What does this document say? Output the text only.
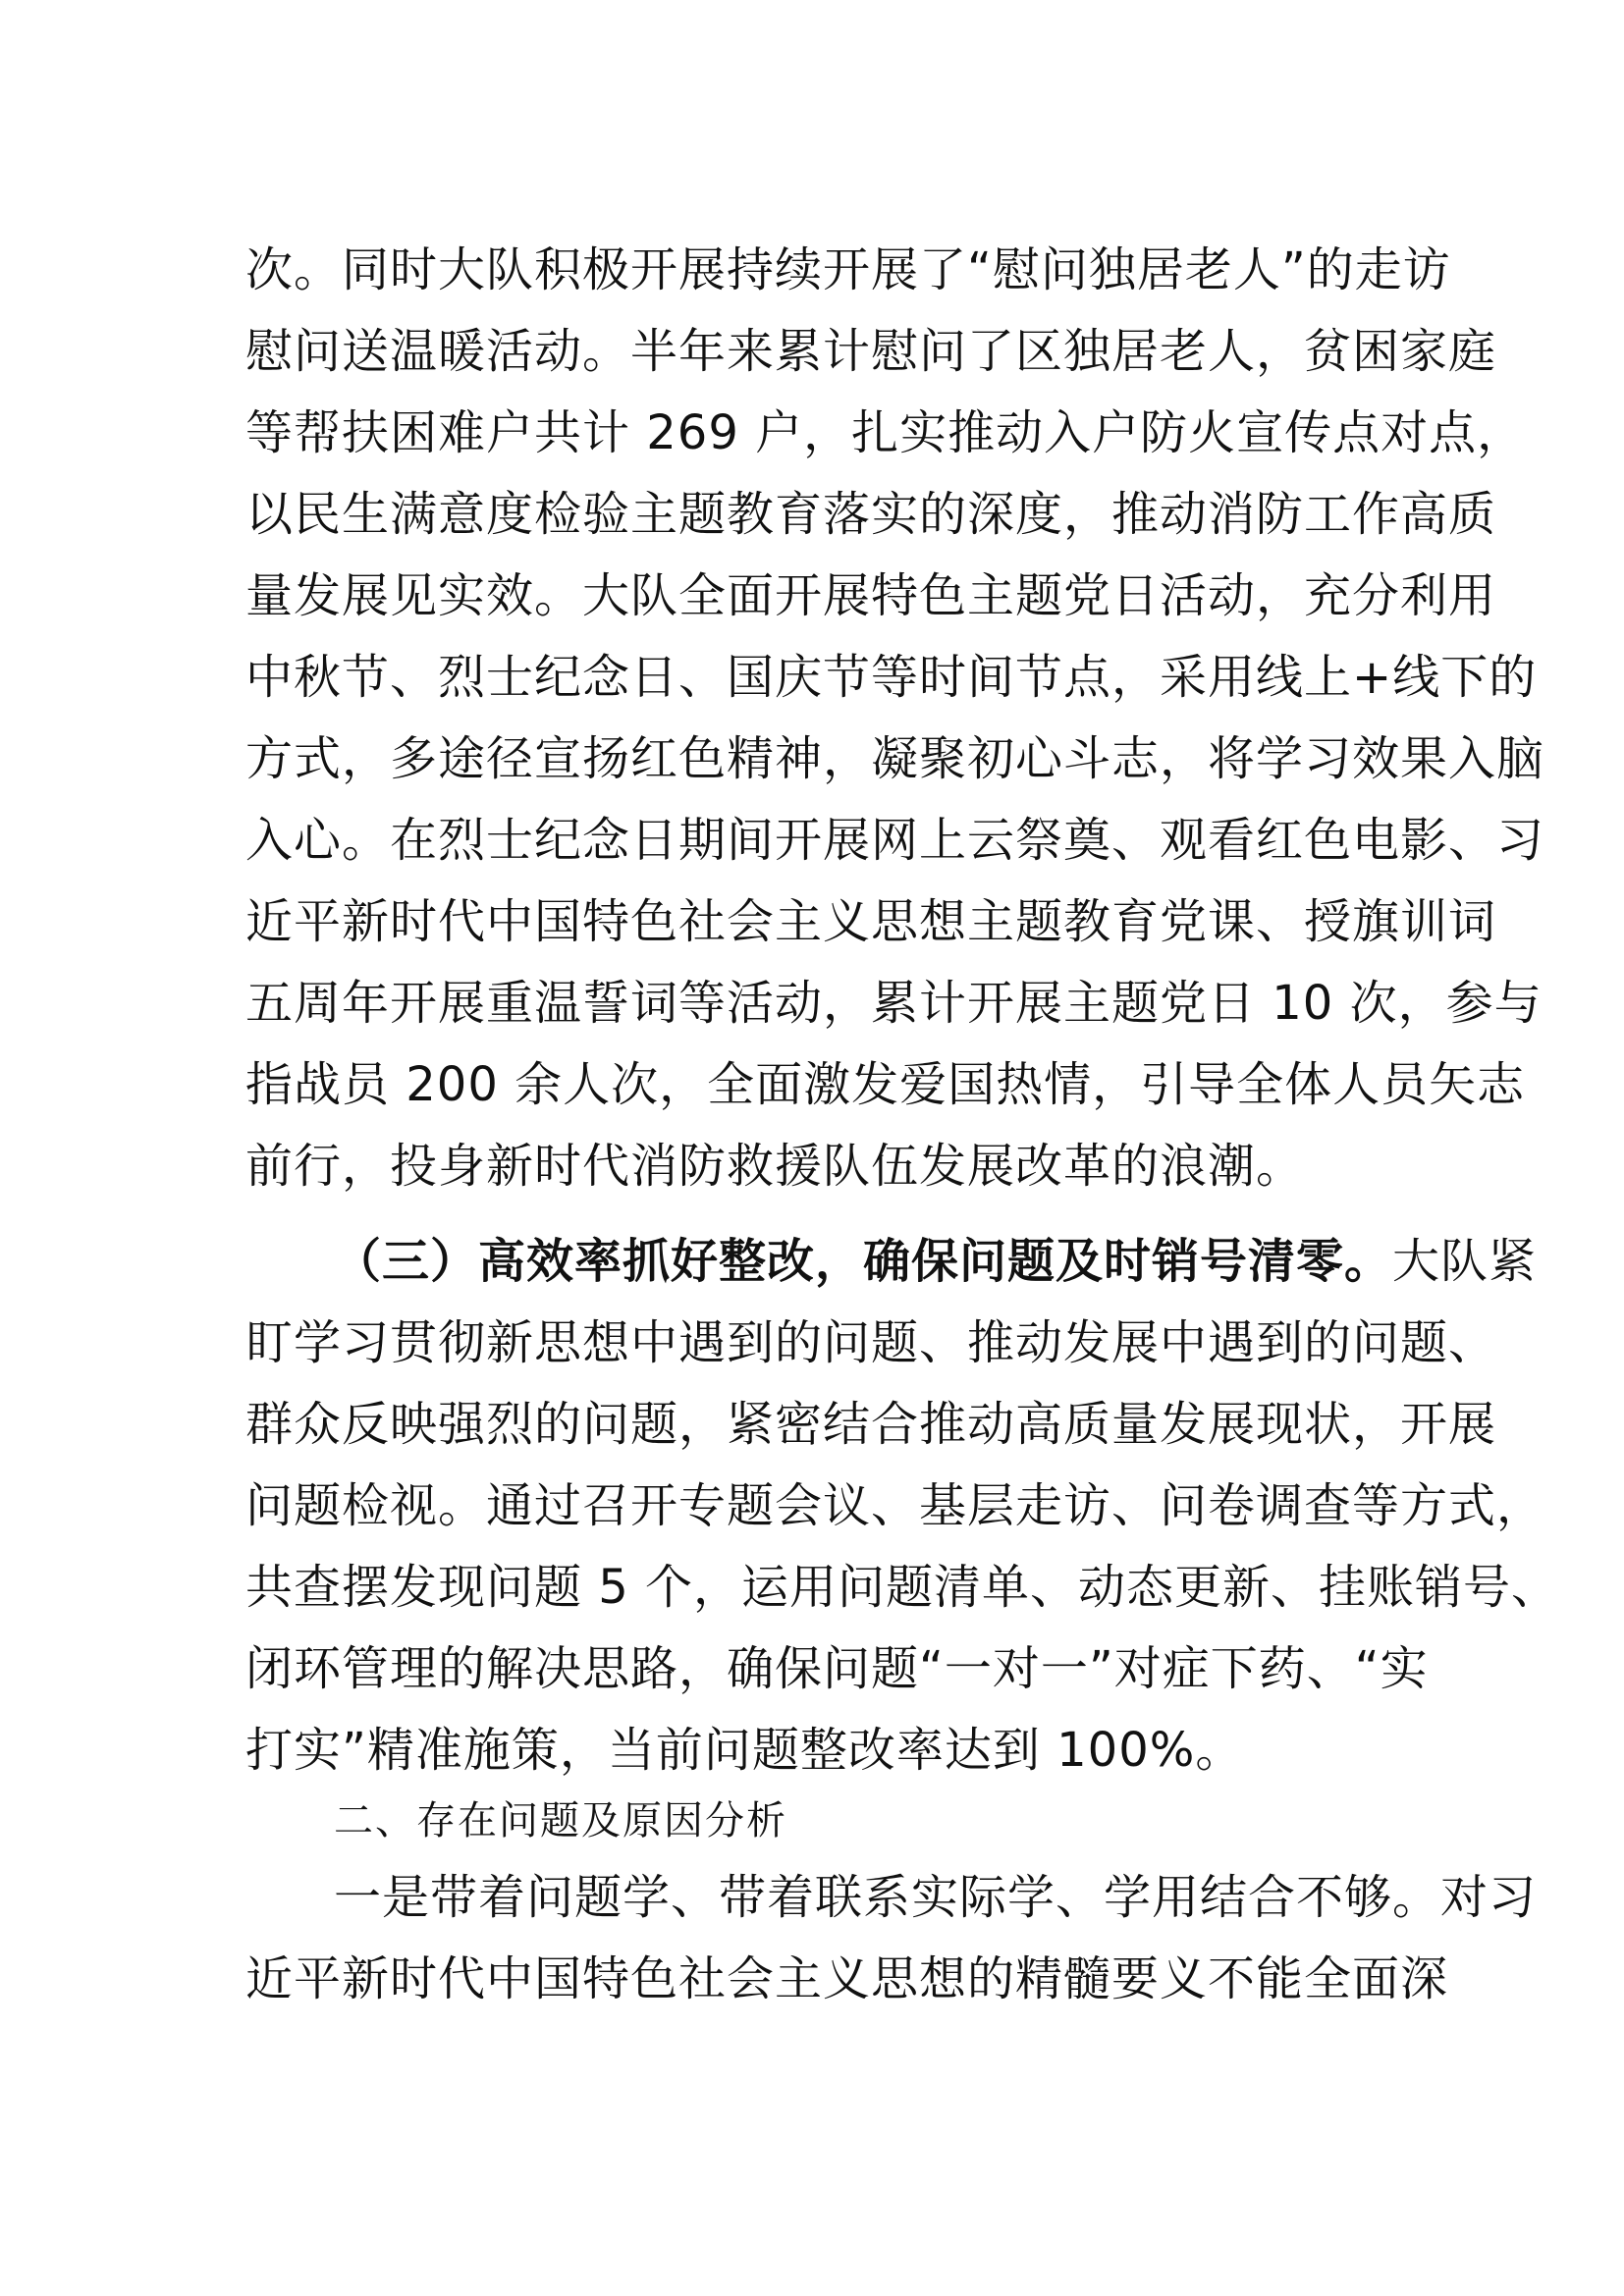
次。同时大队积极开展持续开展了“慰问独居老人”的走访
慰问送温暖活动。半年来累计慰问了区独居老人，贫困家庭
等帮扶困难户共计 269 户，扎实推动入户防火宣传点对点，
以民生满意度检验主题教育落实的深度，推动消防工作高质
量发展见实效。大队全面开展特色主题党日活动，充分利用
中秋节、烈士纪念日、国庆节等时间节点，采用线上+线下的
方式，多途径宣扬红色精神，凝聚初心斗志，将学习效果入脑
入心。在烈士纪念日期间开展网上云祭奠、观看红色电影、习
近平新时代中国特色社会主义思想主题教育党课、授旗训词
五周年开展重温誓词等活动，累计开展主题党日 10 次，参与
指战员 200 余人次，全面激发爱国热情，引导全体人员矢志
前行，投身新时代消防救援队伍发展改革的浪潮。
（三）高效率抓好整改，确保问题及时销号清零。大队紧
盯学习贯彻新思想中遇到的问题、推动发展中遇到的问题、
群众反映强烈的问题，紧密结合推动高质量发展现状，开展
问题检视。通过召开专题会议、基层走访、问卷调查等方式，
共查摆发现问题 5 个，运用问题清单、动态更新、挂账销号、
闭环管理的解决思路，确保问题“一对一”对症下药、“实
打实”精准施策，当前问题整改率达到 100%。
二、存在问题及原因分析
一是带着问题学、带着联系实际学、学用结合不够。对习
近平新时代中国特色社会主义思想的精髓要义不能全面深
